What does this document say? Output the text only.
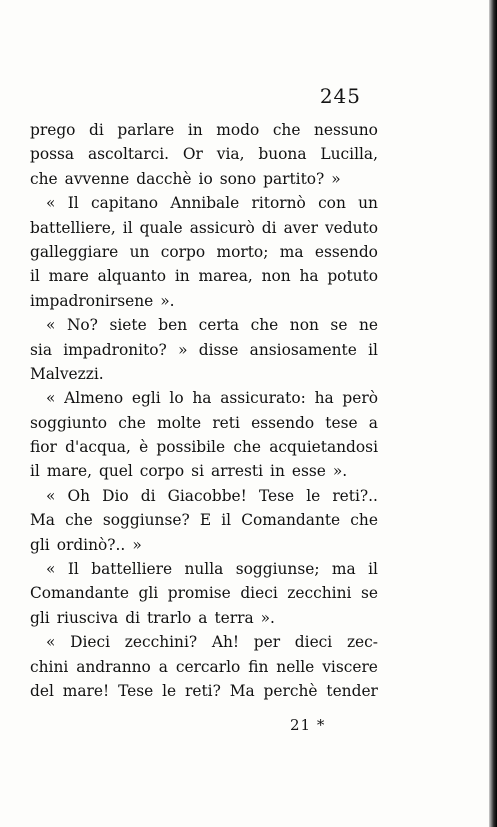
245
prego di parlare in modo che nessuno
possa ascoltarci. Or via, buona Lucilla,
che avvenne dacchè io sono partito? »
« Il capitano Annibale ritornò con un
battelliere, il quale assicurò di aver veduto
galleggiare un corpo morto; ma essendo
il mare alquanto in marea, non ha potuto
impadronirsene ».
« No? siete ben certa che non se ne
sia impadronito? » disse ansiosamente il
Malvezzi.
« Almeno egli lo ha assicurato: ha però
soggiunto che molte reti essendo tese a
fior d'acqua, è possibile che acquietandosi
il mare, quel corpo si arresti in esse ».
« Oh Dio di Giacobbe! Tese le reti?..
Ma che soggiunse? E il Comandante che
gli ordinò?.. »
« Il battelliere nulla soggiunse; ma il
Comandante gli promise dieci zecchini se
gli riusciva di trarlo a terra ».
« Dieci zecchini? Ah! per dieci zec-
chini andranno a cercarlo fin nelle viscere
del mare! Tese le reti? Ma perchè tender
21 *
